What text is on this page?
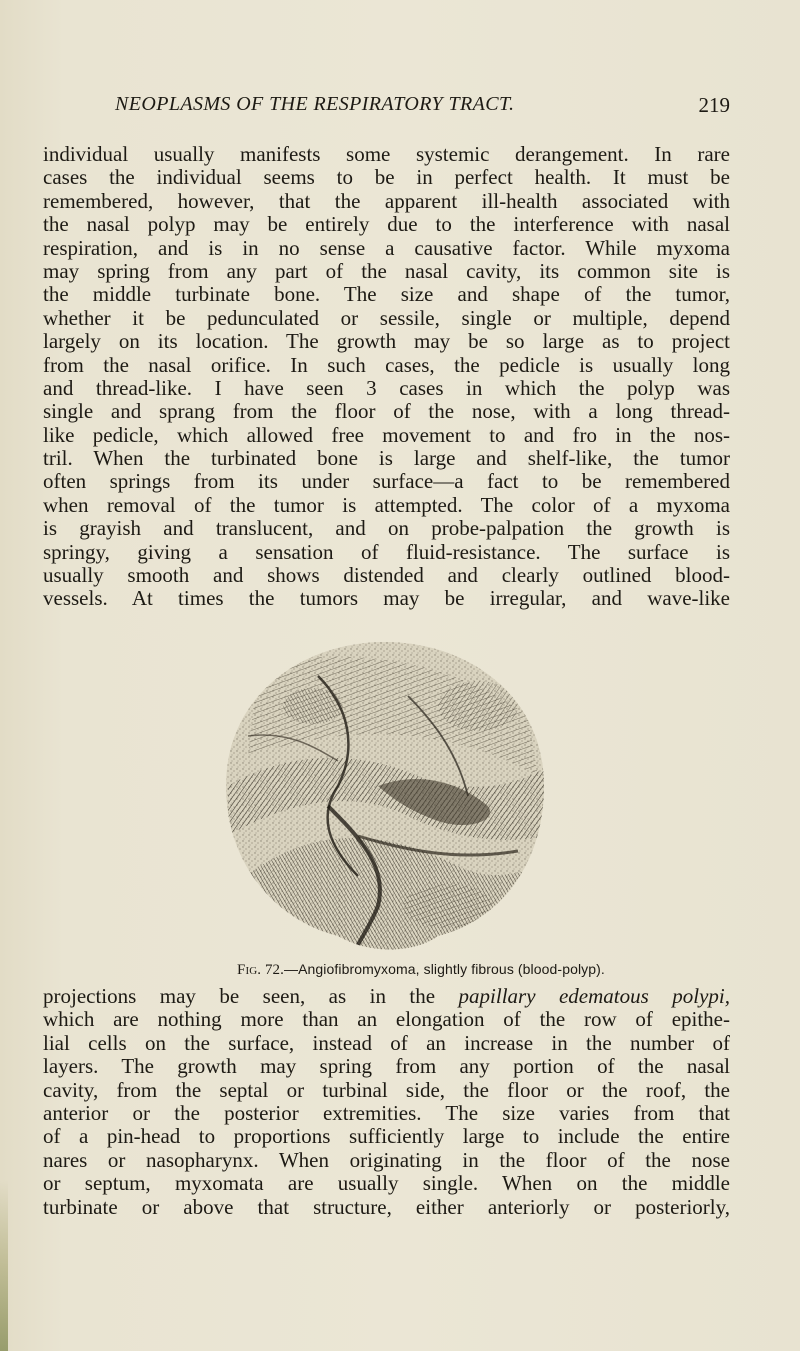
NEOPLASMS OF THE RESPIRATORY TRACT.	219
individual usually manifests some systemic derangement. In rare
cases the individual seems to be in perfect health. It must be
remembered, however, that the apparent ill-health associated with
the nasal polyp may be entirely due to the interference with nasal
respiration, and is in no sense a causative factor. While myxoma
may spring from any part of the nasal cavity, its common site is
the middle turbinate bone. The size and shape of the tumor,
whether it be pedunculated or sessile, single or multiple, depend
largely on its location. The growth may be so large as to project
from the nasal orifice. In such cases, the pedicle is usually long
and thread-like. I have seen 3 cases in which the polyp was
single and sprang from the floor of the nose, with a long thread-
like pedicle, which allowed free movement to and fro in the nos-
tril. When the turbinated bone is large and shelf-like, the tumor
often springs from its under surface—a fact to be remembered
when removal of the tumor is attempted. The color of a myxoma
is grayish and translucent, and on probe-palpation the growth is
springy, giving a sensation of fluid-resistance. The surface is
usually smooth and shows distended and clearly outlined blood-
vessels. At times the tumors may be irregular, and wave-like
Fig. 72.—Angiofibromyxoma, slightly fibrous (blood-polyp).
projections may be seen, as in the papillary edematous polypi,
which are nothing more than an elongation of the row of epithe-
lial cells on the surface, instead of an increase in the number of
layers. The growth may spring from any portion of the nasal
cavity, from the septal or turbinal side, the floor or the roof, the
anterior or the posterior extremities. The size varies from that
of a pin-head to proportions sufficiently large to include the entire
nares or nasopharynx. When originating in the floor of the nose
or septum, myxomata are usually single. When on the middle
turbinate or above that structure, either anteriorly or posteriorly,
